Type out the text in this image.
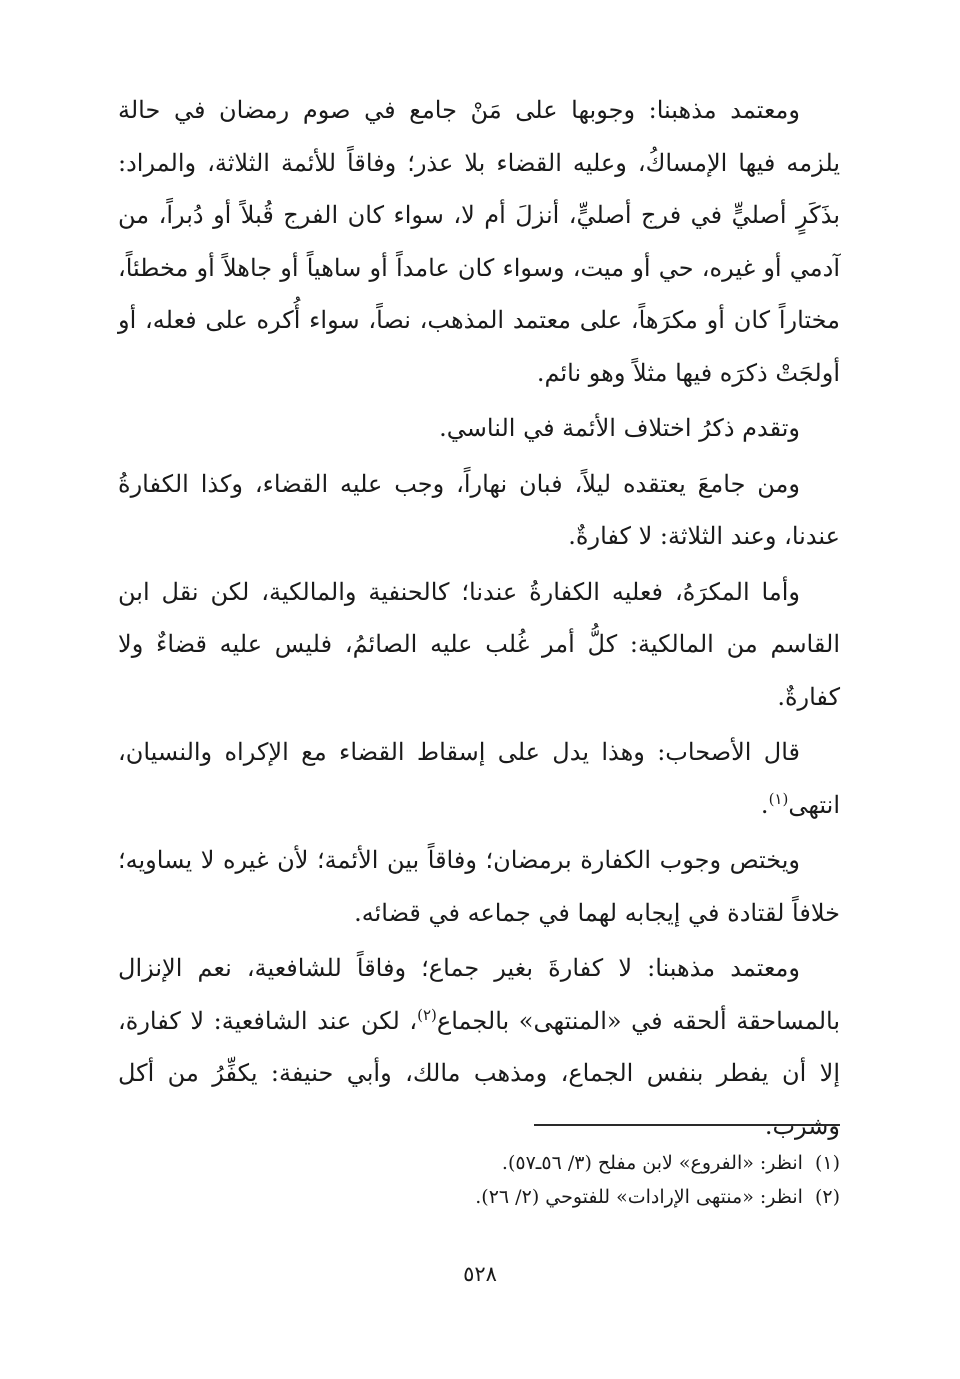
ومعتمد مذهبنا: وجوبها على مَنْ جامع في صوم رمضان في حالة يلزمه فيها الإمساكُ، وعليه القضاء بلا عذر؛ وفاقاً للأئمة الثلاثة، والمراد: بذَكَرٍ أصليٍّ في فرج أصليٍّ، أنزلَ أم لا، سواء كان الفرج قُبلاً أو دُبراً، من آدمي أو غيره، حي أو ميت، وسواء كان عامداً أو ساهياً أو جاهلاً أو مخطئاً، مختاراً كان أو مكرَهاً، على معتمد المذهب، نصاً، سواء أُكره على فعله، أو أولجَتْ ذكرَه فيها مثلاً وهو نائم.

وتقدم ذكرُ اختلاف الأئمة في الناسي.

ومن جامعَ يعتقده ليلاً، فبان نهاراً، وجب عليه القضاء، وكذا الكفارةُ عندنا، وعند الثلاثة: لا كفارةٌ.

وأما المكرَهُ، فعليه الكفارةُ عندنا؛ كالحنفية والمالكية، لكن نقل ابن القاسم من المالكية: كلُّ أمر غُلب عليه الصائمُ، فليس عليه قضاءٌ ولا كفارةٌ.

قال الأصحاب: وهذا يدل على إسقاط القضاء مع الإكراه والنسيان، انتهى$^{(١)}$.

ويختص وجوب الكفارة برمضان؛ وفاقاً بين الأئمة؛ لأن غيره لا يساويه؛ خلافاً لقتادة في إيجابه لهما في جماعه في قضائه.

ومعتمد مذهبنا: لا كفارةَ بغير جماع؛ وفاقاً للشافعية، نعم الإنزال بالمساحقة ألحقه في «المنتهى» بالجماع$^{(٢)}$، لكن عند الشافعية: لا كفارة، إلا أن يفطر بنفس الجماع، ومذهب مالك، وأبي حنيفة: يكفِّرُ من أكل وشرب.

(١)انظر: «الفروع» لابن مفلح (٣/ ٥٦ـ٥٧).
(٢)انظر: «منتهى الإرادات» للفتوحي (٢/ ٢٦).
٥٢٨
